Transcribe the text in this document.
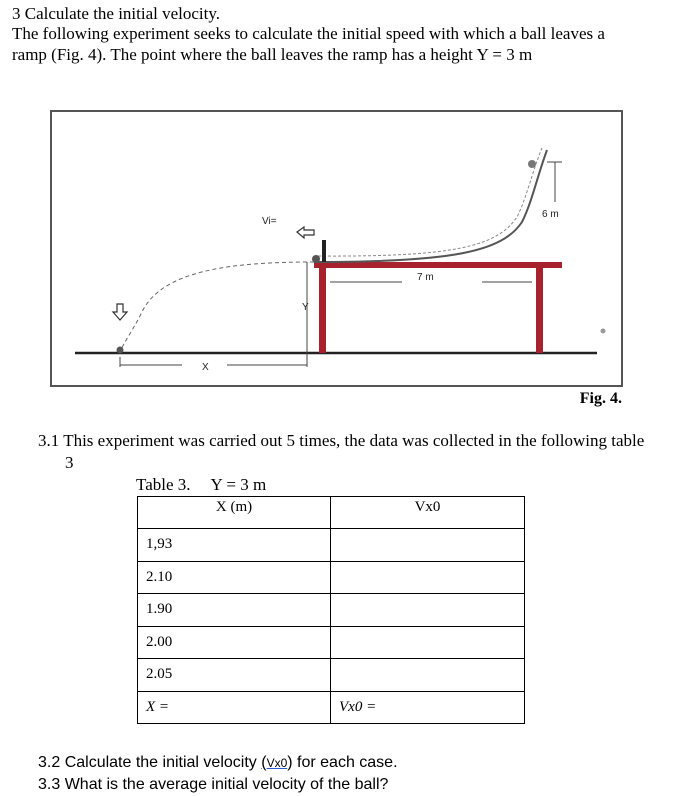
3 Calculate the initial velocity.
The following experiment seeks to calculate the initial speed with which a ball leaves a
ramp (Fig. 4). The point where the ball leaves the ramp has a height Y = 3 m
6 m
7 m
Vi=
Y
X
Fig. 4.
3.1 This experiment was carried out 5 times, the data was collected in the following table
3
Table 3. Y = 3 m
X (m)	Vx0
1,93	
2.10	
1.90	
2.00	
2.05	
X =	Vx0 =
3.2 Calculate the initial velocity (Vx0) for each case.
3.3 What is the average initial velocity of the ball?
